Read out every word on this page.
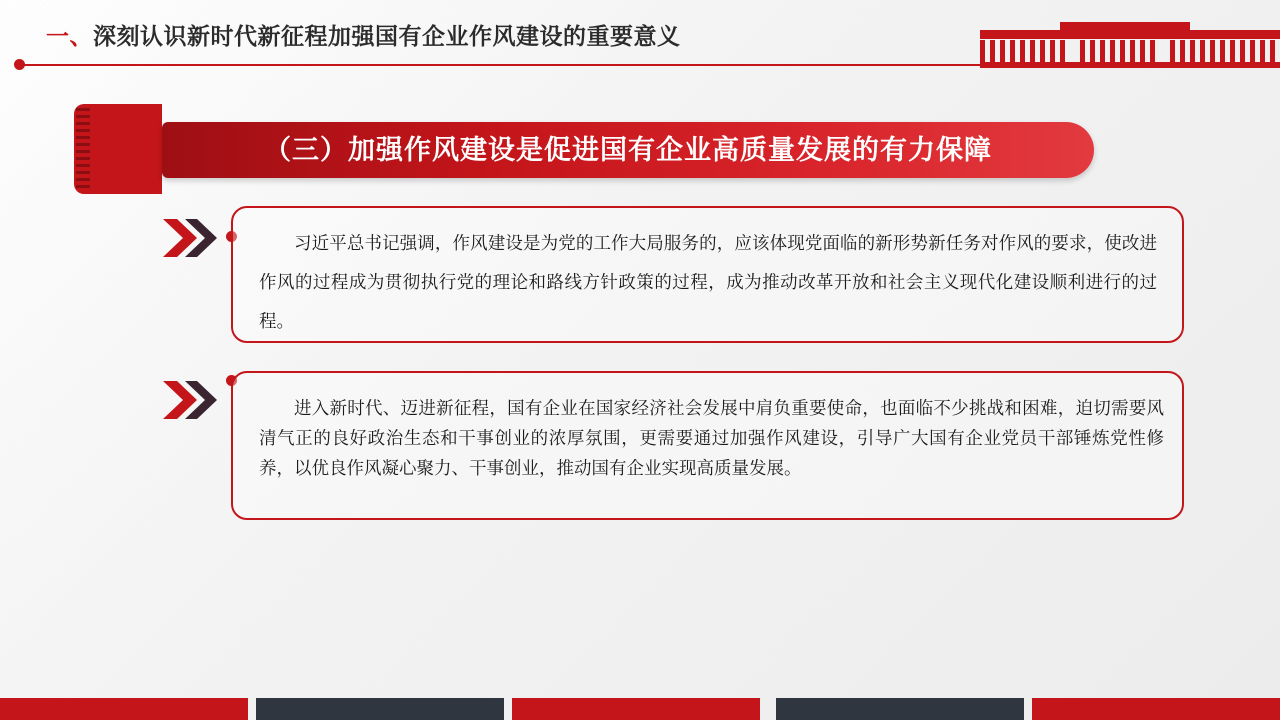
一、深刻认识新时代新征程加强国有企业作风建设的重要意义
（三）加强作风建设是促进国有企业高质量发展的有力保障
习近平总书记强调，作风建设是为党的工作大局服务的，应该体现党面临的新形势新任务对作风的要求，使改进作风的过程成为贯彻执行党的理论和路线方针政策的过程，成为推动改革开放和社会主义现代化建设顺利进行的过程。
进入新时代、迈进新征程，国有企业在国家经济社会发展中肩负重要使命，也面临不少挑战和困难，迫切需要风清气正的良好政治生态和干事创业的浓厚氛围，更需要通过加强作风建设，引导广大国有企业党员干部锤炼党性修养，以优良作风凝心聚力、干事创业，推动国有企业实现高质量发展。
